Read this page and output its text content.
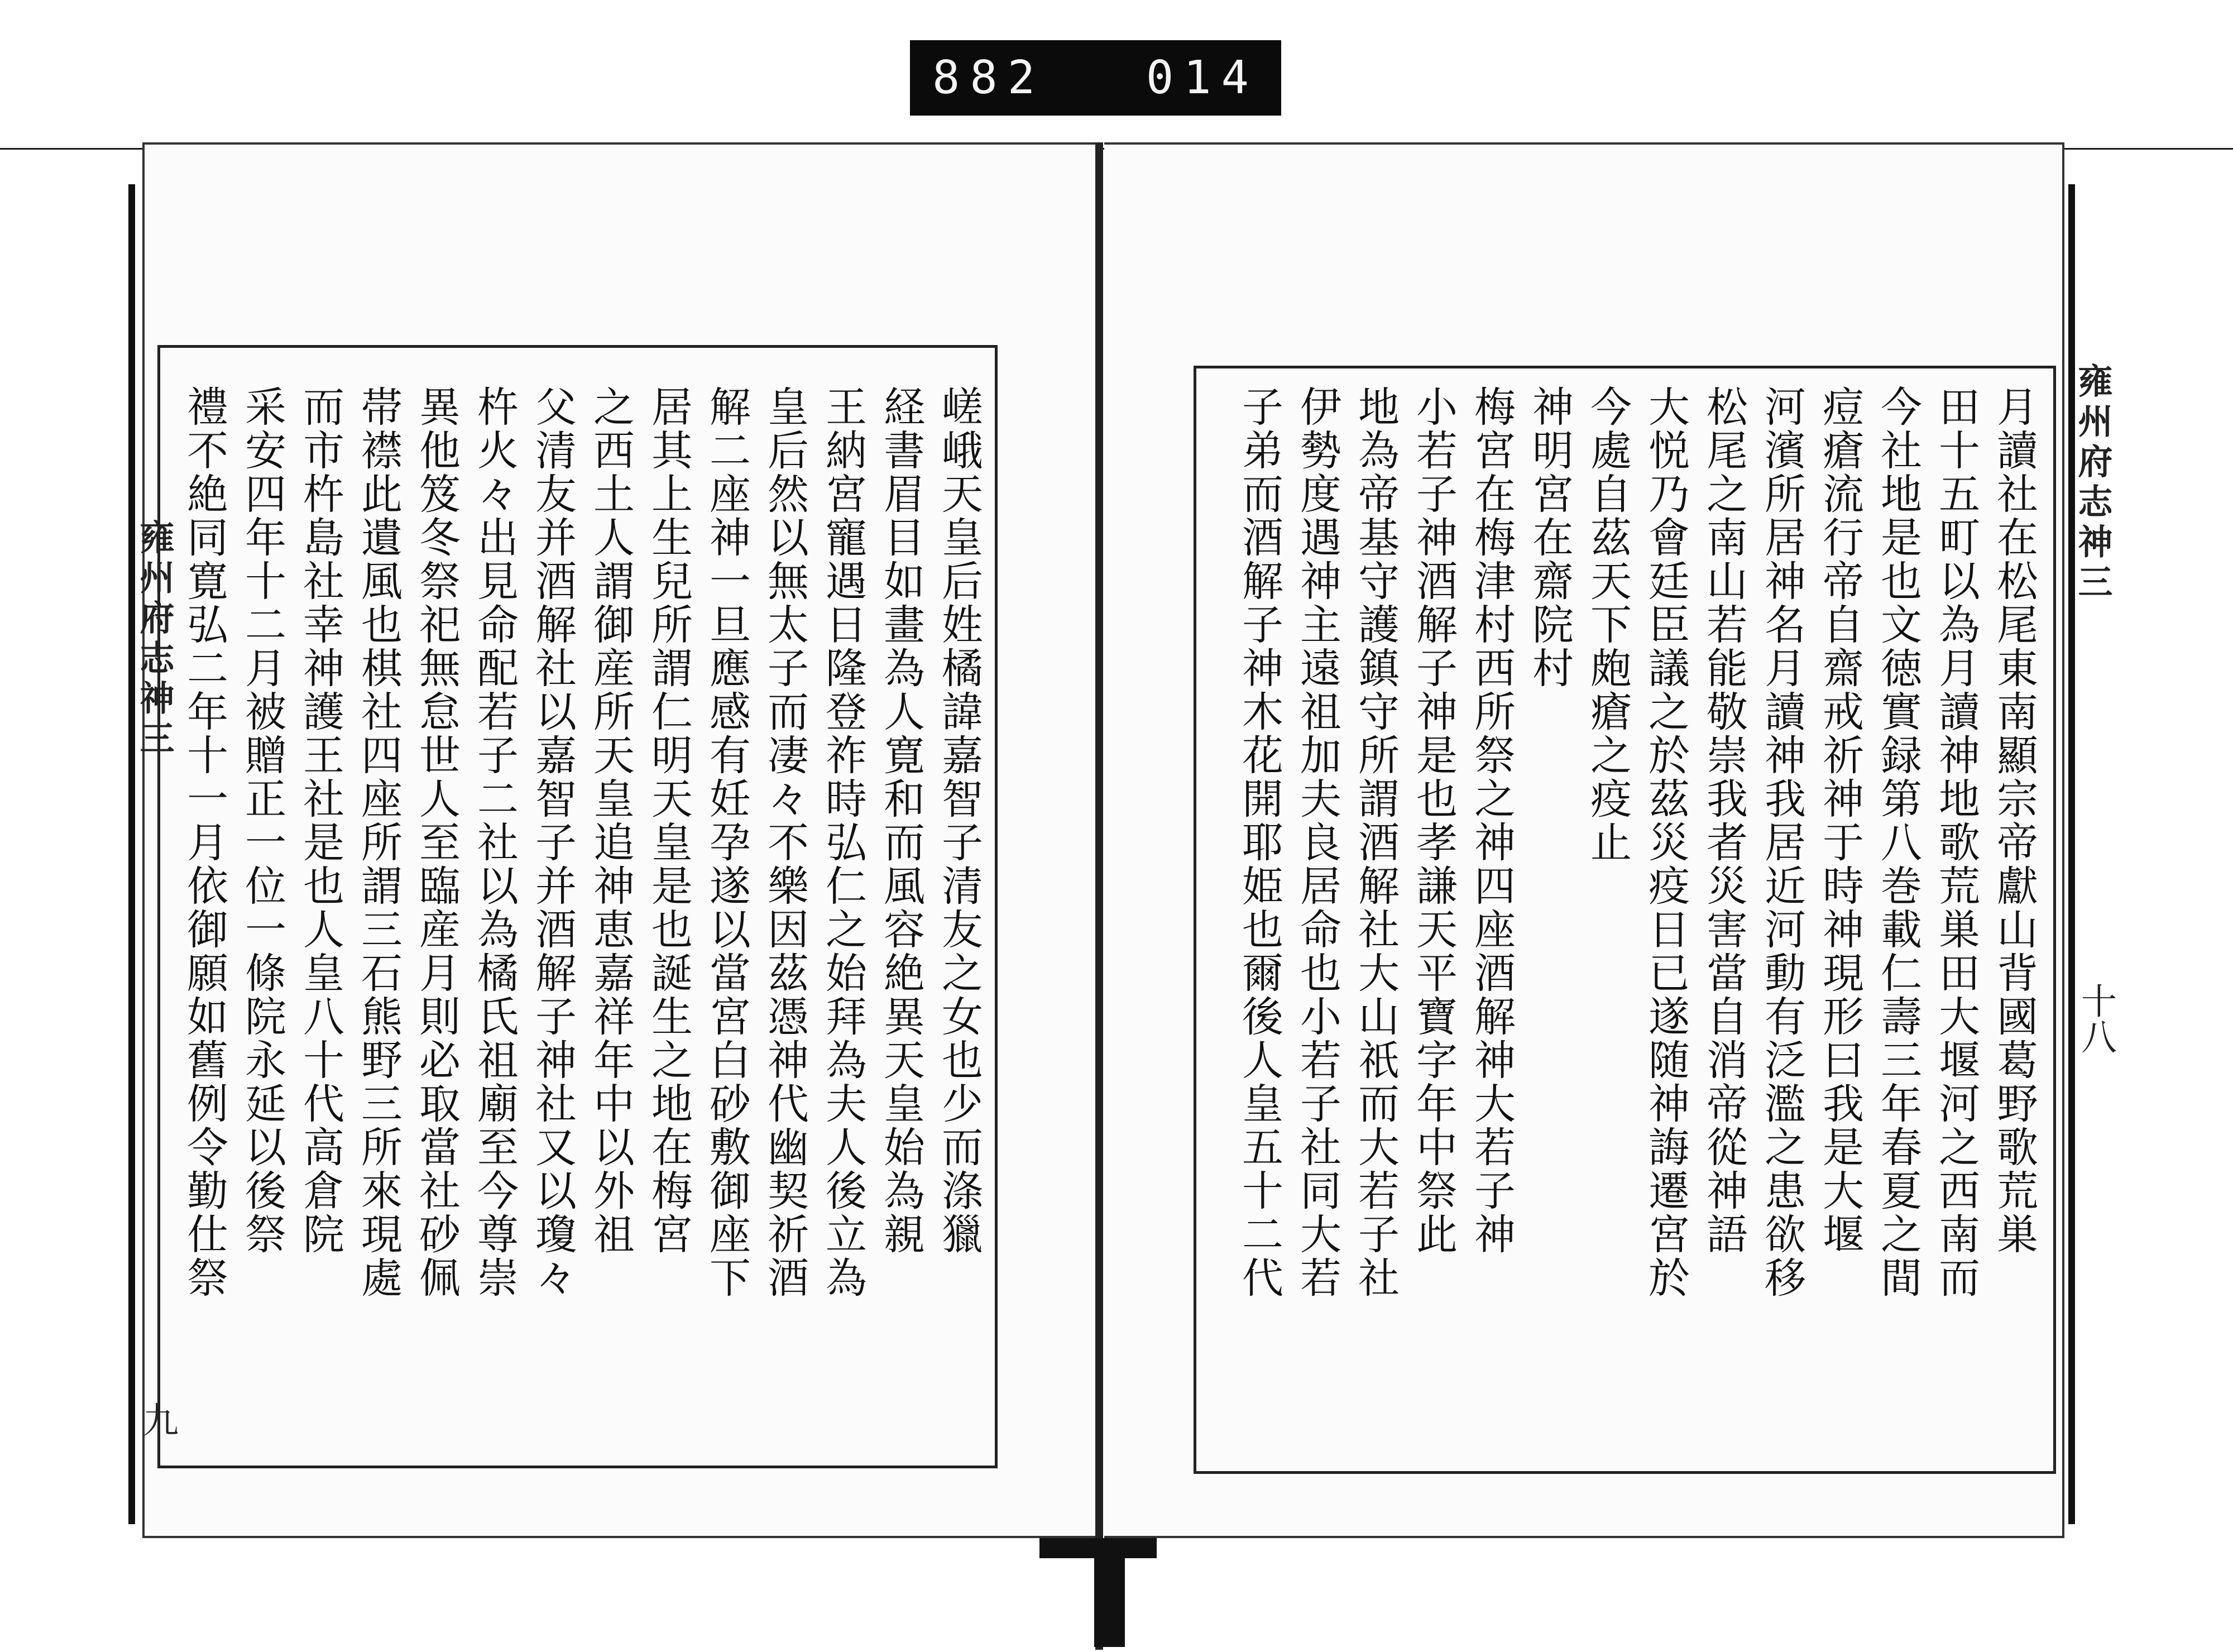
882 014
雍州府志神三
九
雍州府志神三
十八
嵯峨天皇后姓橘諱嘉智子清友之女也少而涤獵
経書眉目如畫為人寛和而風容絶異天皇始為親
王納宮寵遇日隆登祚時弘仁之始拜為夫人後立為
皇后然以無太子而凄々不樂因茲憑神代幽契祈酒
解二座神一旦應感有妊孕遂以當宮白砂敷御座下
居其上生兒所謂仁明天皇是也誕生之地在梅宮
之西土人謂御産所天皇追神恵嘉祥年中以外祖
父清友并酒解社以嘉智子并酒解子神社又以瓊々
杵火々出見命配若子二社以為橘氏祖廟至今尊崇
異他笈冬祭祀無怠世人至臨産月則必取當社砂佩
帯襟此遺風也棋社四座所謂三石熊野三所來現處
而市杵島社幸神護王社是也人皇八十代高倉院
采安四年十二月被贈正一位一條院永延以後祭
禮不絶同寛弘二年十一月依御願如舊例令勤仕祭	月讀社在松尾東南顯宗帝獻山背國葛野歌荒巣
田十五町以為月讀神地歌荒巣田大堰河之西南而
今社地是也文徳實録第八巻載仁壽三年春夏之間
痘瘡流行帝自齋戒祈神于時神現形曰我是大堰
河濱所居神名月讀神我居近河動有泛濫之患欲移
松尾之南山若能敬崇我者災害當自消帝從神語
大悦乃會廷臣議之於茲災疫日已遂随神誨遷宮於
今處自茲天下皰瘡之疫止
神明宮在齋院村
梅宮在梅津村西所祭之神四座酒解神大若子神
小若子神酒解子神是也孝謙天平寶字年中祭此
地為帝基守護鎮守所謂酒解社大山祇而大若子社
伊勢度遇神主遠祖加夫良居命也小若子社同大若
子弟而酒解子神木花開耶姫也爾後人皇五十二代
